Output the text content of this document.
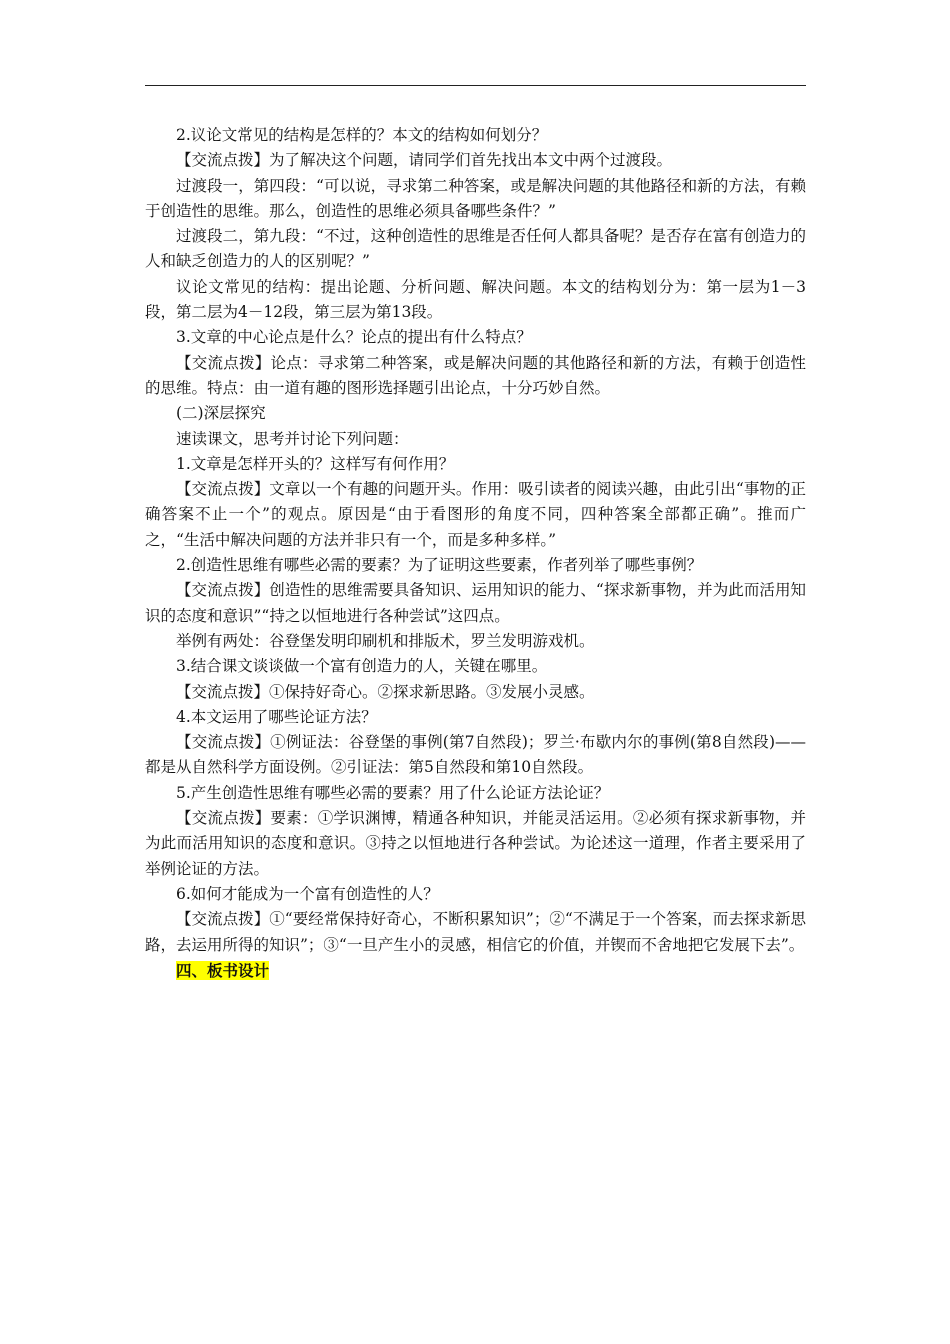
2.议论文常见的结构是怎样的？本文的结构如何划分？

【交流点拨】为了解决这个问题，请同学们首先找出本文中两个过渡段。

过渡段一，第四段：“可以说，寻求第二种答案，或是解决问题的其他路径和新的方法，有赖于创造性的思维。那么，创造性的思维必须具备哪些条件？”

过渡段二，第九段：“不过，这种创造性的思维是否任何人都具备呢？是否存在富有创造力的人和缺乏创造力的人的区别呢？”

议论文常见的结构：提出论题、分析问题、解决问题。本文的结构划分为：第一层为1－3段，第二层为4－12段，第三层为第13段。

3.文章的中心论点是什么？论点的提出有什么特点？

【交流点拨】论点：寻求第二种答案，或是解决问题的其他路径和新的方法，有赖于创造性的思维。特点：由一道有趣的图形选择题引出论点，十分巧妙自然。

(二)深层探究

速读课文，思考并讨论下列问题：

1.文章是怎样开头的？这样写有何作用？

【交流点拨】文章以一个有趣的问题开头。作用：吸引读者的阅读兴趣，由此引出“事物的正确答案不止一个”的观点。原因是“由于看图形的角度不同，四种答案全部都正确”。推而广之，“生活中解决问题的方法并非只有一个，而是多种多样。”

2.创造性思维有哪些必需的要素？为了证明这些要素，作者列举了哪些事例？

【交流点拨】创造性的思维需要具备知识、运用知识的能力、“探求新事物，并为此而活用知识的态度和意识”“持之以恒地进行各种尝试”这四点。

举例有两处：谷登堡发明印刷机和排版术，罗兰发明游戏机。

3.结合课文谈谈做一个富有创造力的人，关键在哪里。

【交流点拨】①保持好奇心。②探求新思路。③发展小灵感。

4.本文运用了哪些论证方法？

【交流点拨】①例证法：谷登堡的事例(第7自然段)；罗兰·布歇内尔的事例(第8自然段)——都是从自然科学方面设例。②引证法：第5自然段和第10自然段。

5.产生创造性思维有哪些必需的要素？用了什么论证方法论证？

【交流点拨】要素：①学识渊博，精通各种知识，并能灵活运用。②必须有探求新事物，并为此而活用知识的态度和意识。③持之以恒地进行各种尝试。为论述这一道理，作者主要采用了举例论证的方法。

6.如何才能成为一个富有创造性的人？

【交流点拨】①“要经常保持好奇心，不断积累知识”；②“不满足于一个答案，而去探求新思路，去运用所得的知识”；③“一旦产生小的灵感，相信它的价值，并锲而不舍地把它发展下去”。

四、板书设计
